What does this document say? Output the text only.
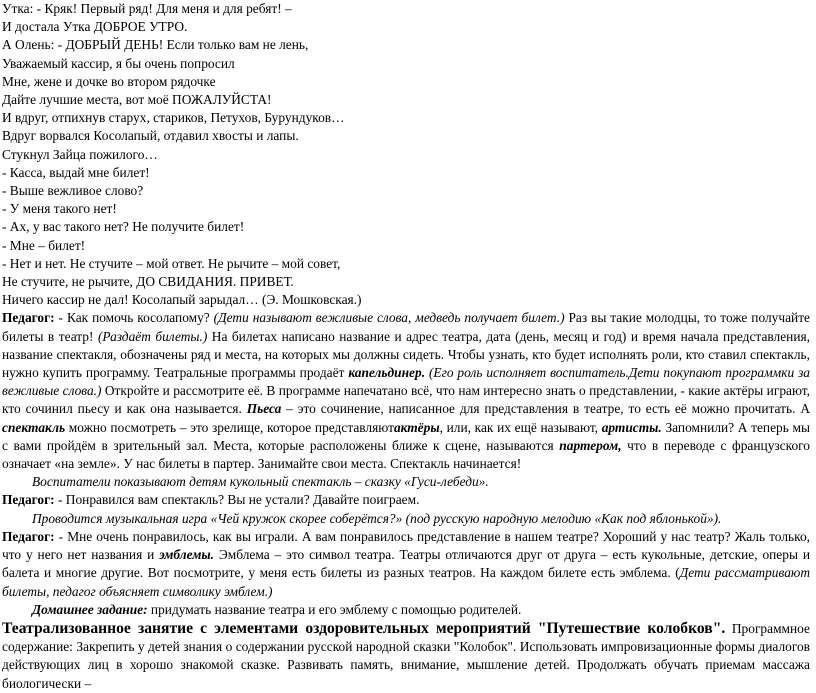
Утка: - Кряк! Первый ряд! Для меня и для ребят! –
И достала Утка ДОБРОЕ УТРО.
А Олень: - ДОБРЫЙ ДЕНЬ! Если только вам не лень,
Уважаемый кассир, я бы очень попросил
Мне, жене и дочке во втором рядочке
Дайте лучшие места, вот моё ПОЖАЛУЙСТА!
И вдруг, отпихнув старух, стариков, Петухов, Бурундуков…
Вдруг ворвался Косолапый, отдавил хвосты и лапы.
Стукнул Зайца пожилого…
- Касса, выдай мне билет!
- Выше вежливое слово?
- У меня такого нет!
- Ах, у вас такого нет? Не получите билет!
- Мне – билет!
- Нет и нет. Не стучите – мой ответ. Не рычите – мой совет,
Не стучите, не рычите, ДО СВИДАНИЯ. ПРИВЕТ.
Ничего кассир не дал! Косолапый зарыдал… (Э. Мошковская.)

Педагог: - Как помочь косолапому? (Дети называют вежливые слова, медведь получает билет.) Раз вы такие молодцы, то тоже получайте билеты в театр! (Раздаёт билеты.) На билетах написано название и адрес театра, дата (день, месяц и год) и время начала представления, название спектакля, обозначены ряд и места, на которых мы должны сидеть. Чтобы узнать, кто будет исполнять роли, кто ставил спектакль, нужно купить программу. Театральные программы продаёт капельдинер. (Его роль исполняет воспитатель.Дети покупают программки за вежливые слова.) Откройте и рассмотрите её. В программе напечатано всё, что нам интересно знать о представлении, - какие актёры играют, кто сочинил пьесу и как она называется. Пьеса – это сочинение, написанное для представления в театре, то есть её можно прочитать. А спектакль можно посмотреть – это зрелище, которое представляютактёры, или, как их ещё называют, артисты. Запомнили? А теперь мы с вами пройдём в зрительный зал. Места, которые расположены ближе к сцене, называются партером, что в переводе с французского означает «на земле». У нас билеты в партер. Занимайте свои места. Спектакль начинается!

Воспитатели показывают детям кукольный спектакль – сказку «Гуси-лебеди».

Педагог: - Понравился вам спектакль? Вы не устали? Давайте поиграем.

Проводится музыкальная игра «Чей кружок скорее соберётся?» (под русскую народную мелодию «Как под яблонькой»).

Педагог: - Мне очень понравилось, как вы играли. А вам понравилось представление в нашем театре? Хороший у нас театр? Жаль только, что у него нет названия и эмблемы. Эмблема – это символ театра. Театры отличаются друг от друга – есть кукольные, детские, оперы и балета и многие другие. Вот посмотрите, у меня есть билеты из разных театров. На каждом билете есть эмблема. (Дети рассматривают билеты, педагог объясняет символику эмблем.)

Домашнее задание: придумать название театра и его эмблему с помощью родителей.

Театрализованное занятие с элементами оздоровительных мероприятий "Путешествие колобков". Программное содержание: Закрепить у детей знания о содержании русской народной сказки "Колобок". Использовать импровизационные формы диалогов действующих лиц в хорошо знакомой сказке. Развивать память, внимание, мышление детей. Продолжать обучать приемам массажа биологически –
